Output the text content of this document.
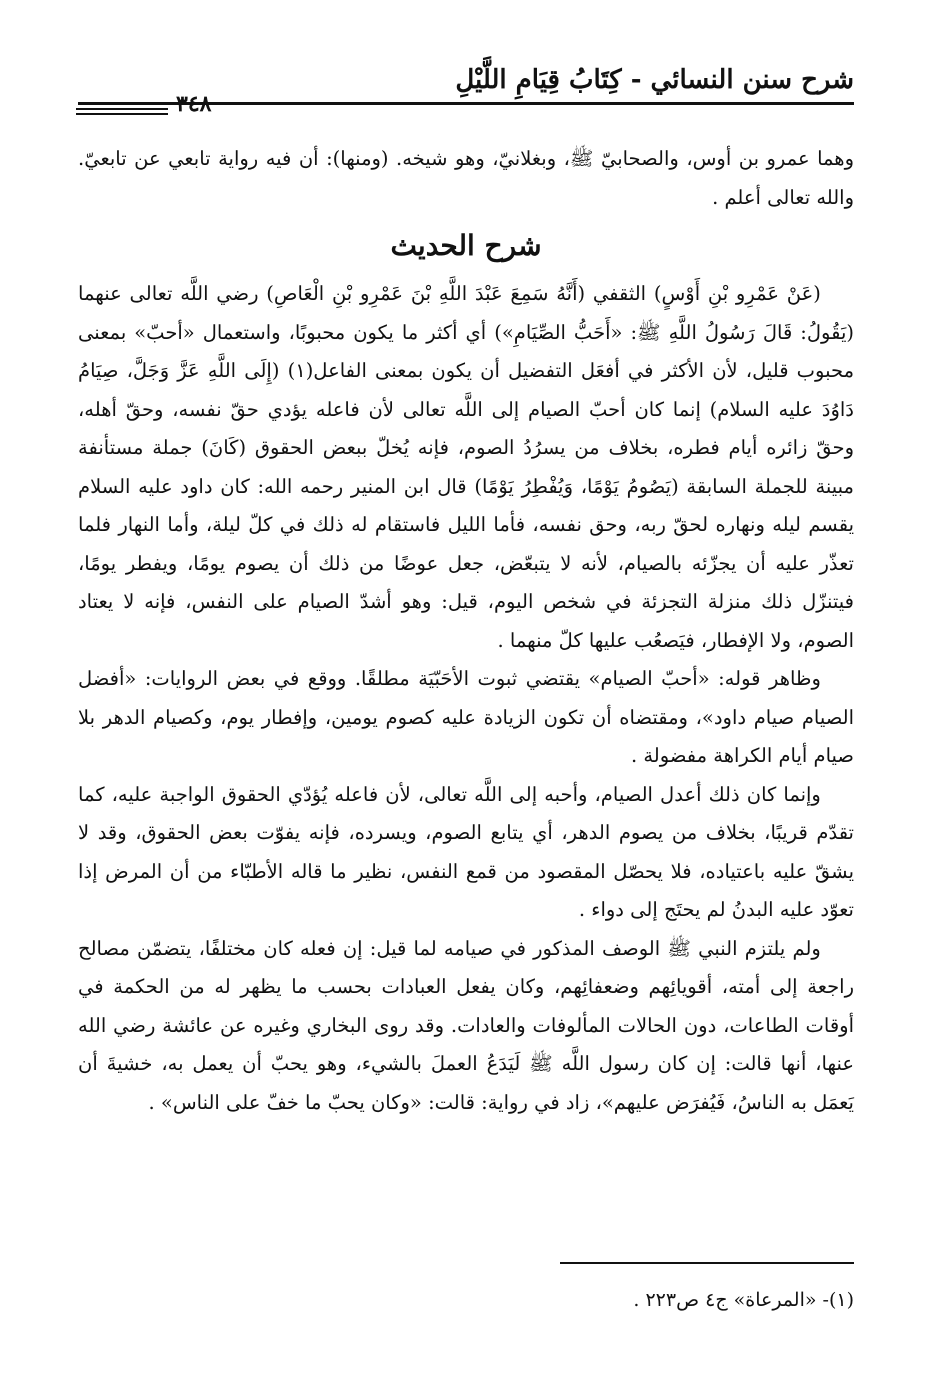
شرح سنن النسائي - كِتَابُ قِيَامِ اللَّيْلِ
٣٤٨

وهما عمرو بن أوس، والصحابيّ ﷺ، وبغلانيّ، وهو شيخه. (ومنها): أن فيه رواية تابعي عن تابعيّ. والله تعالى أعلم .

شرح الحديث

(عَنْ عَمْرِو بْنِ أَوْسٍ) الثقفي (أَنَّهُ سَمِعَ عَبْدَ اللَّهِ بْنَ عَمْرِو بْنِ الْعَاصِ) رضي اللَّه تعالى عنهما (يَقُولُ: قَالَ رَسُولُ اللَّهِ ﷺ: «أَحَبُّ الصِّيَامِ») أي أكثر ما يكون محبوبًا، واستعمال «أحبّ» بمعنى محبوب قليل، لأن الأكثر في أفعَل التفضيل أن يكون بمعنى الفاعل(١) (إِلَى اللَّهِ عَزَّ وَجَلَّ، صِيَامُ دَاوُدَ عليه السلام) إنما كان أحبّ الصيام إلى اللَّه تعالى لأن فاعله يؤدي حقّ نفسه، وحقّ أهله، وحقّ زائره أيام فطره، بخلاف من يسرُدُ الصوم، فإنه يُخلّ ببعض الحقوق (كَانَ) جملة مستأنفة مبينة للجملة السابقة (يَصُومُ يَوْمًا، وَيُفْطِرُ يَوْمًا) قال ابن المنير رحمه الله: كان داود عليه السلام يقسم ليله ونهاره لحقّ ربه، وحق نفسه، فأما الليل فاستقام له ذلك في كلّ ليلة، وأما النهار فلما تعذّر عليه أن يجزّئه بالصيام، لأنه لا يتبعّض، جعل عوضًا من ذلك أن يصوم يومًا، ويفطر يومًا، فيتنزّل ذلك منزلة التجزئة في شخص اليوم، قيل: وهو أشدّ الصيام على النفس، فإنه لا يعتاد الصوم، ولا الإفطار، فيَصعُب عليها كلّ منهما .

وظاهر قوله: «أحبّ الصيام» يقتضي ثبوت الأحَبّيَة مطلقًا. ووقع في بعض الروايات: «أفضل الصيام صيام داود»، ومقتضاه أن تكون الزيادة عليه كصوم يومين، وإفطار يوم، وكصيام الدهر بلا صيام أيام الكراهة مفضولة .

وإنما كان ذلك أعدل الصيام، وأحبه إلى اللَّه تعالى، لأن فاعله يُؤدّي الحقوق الواجبة عليه، كما تقدّم قريبًا، بخلاف من يصوم الدهر، أي يتابع الصوم، ويسرده، فإنه يفوّت بعض الحقوق، وقد لا يشقّ عليه باعتياده، فلا يحصّل المقصود من قمع النفس، نظير ما قاله الأطبّاء من أن المرض إذا تعوّد عليه البدنُ لم يحتَج إلى دواء .

ولم يلتزم النبي ﷺ الوصف المذكور في صيامه لما قيل: إن فعله كان مختلفًا، يتضمّن مصالح راجعة إلى أمته، أقويائِهم وضعفائِهم، وكان يفعل العبادات بحسب ما يظهر له من الحكمة في أوقات الطاعات، دون الحالات المألوفات والعادات. وقد روى البخاري وغيره عن عائشة رضي الله عنها، أنها قالت: إن كان رسول اللَّه ﷺ لَيَدَعُ العملَ بالشيء، وهو يحبّ أن يعمل به، خشيةَ أن يَعمَل به الناسُ، فَيُفرَض عليهم»، زاد في رواية: قالت: «وكان يحبّ ما خفّ على الناس» .

(١)- «المرعاة» ج٤ ص٢٢٣ .
